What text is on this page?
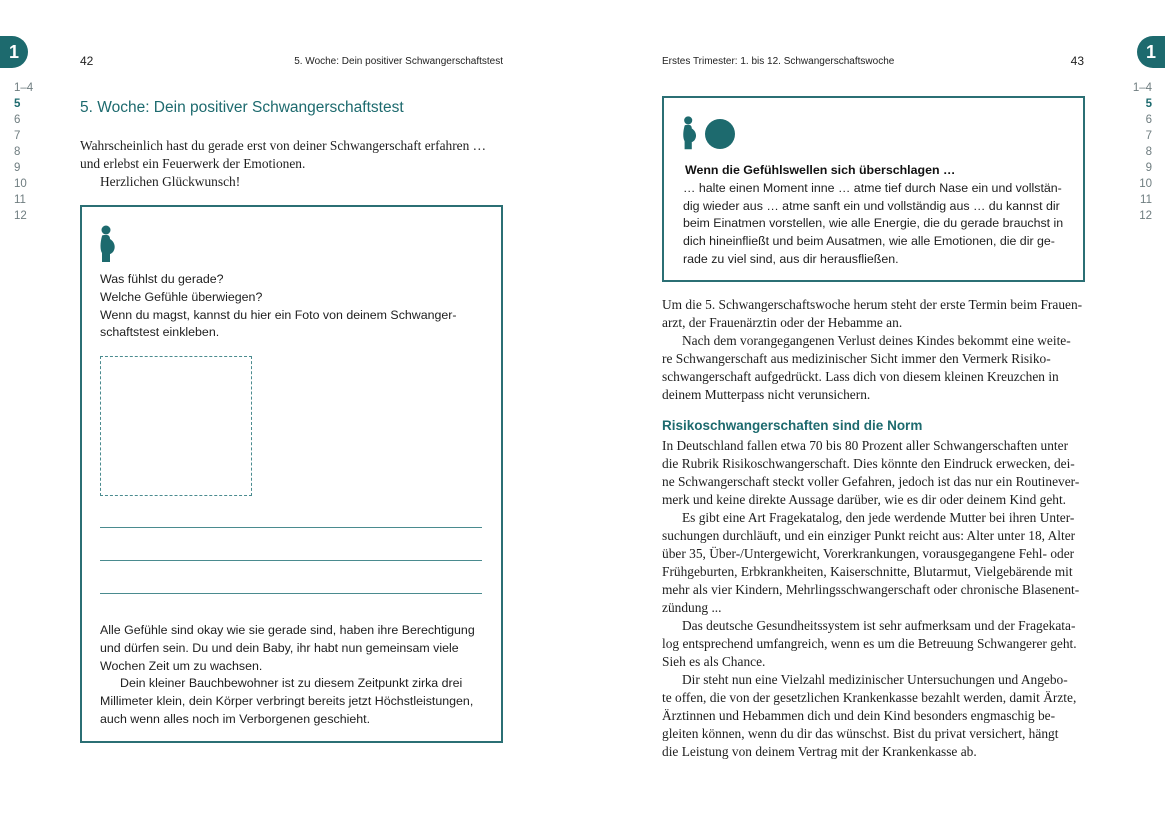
1	1
1–4
5
6
7
8
9
10
11
12
1–4
5
6
7
8
9
10
11
12
42	5. Woche: Dein positiver Schwangerschaftstest
5. Woche: Dein positiver Schwangerschaftstest

Wahrscheinlich hast du gerade erst von deiner Schwangerschaft erfahren …

und erlebst ein Feuerwerk der Emotionen.

Herzlichen Glückwunsch!

Was fühlst du gerade?

Welche Gefühle überwiegen?

Wenn du magst, kannst du hier ein Foto von deinem Schwanger-

schaftstest einkleben.

Alle Gefühle sind okay wie sie gerade sind, haben ihre Berechtigung

und dürfen sein. Du und dein Baby, ihr habt nun gemeinsam viele

Wochen Zeit um zu wachsen.

Dein kleiner Bauchbewohner ist zu diesem Zeitpunkt zirka drei

Millimeter klein, dein Körper verbringt bereits jetzt Höchstleistungen,

auch wenn alles noch im Verborgenen geschieht.

Erstes Trimester: 1. bis 12. Schwangerschaftswoche	43

Wenn die Gefühlswellen sich überschlagen …

… halte einen Moment inne … atme tief durch Nase ein und vollstän-

dig wieder aus … atme sanft ein und vollständig aus … du kannst dir

beim Einatmen vorstellen, wie alle Energie, die du gerade brauchst in

dich hineinfließt und beim Ausatmen, wie alle Emotionen, die dir ge-

rade zu viel sind, aus dir herausfließen.

Um die 5. Schwangerschaftswoche herum steht der erste Termin beim Frauen-

arzt, der Frauenärztin oder der Hebamme an.

Nach dem vorangegangenen Verlust deines Kindes bekommt eine weite-

re Schwangerschaft aus medizinischer Sicht immer den Vermerk Risiko-

schwangerschaft aufgedrückt. Lass dich von diesem kleinen Kreuzchen in

deinem Mutterpass nicht verunsichern.

Risikoschwangerschaften sind die Norm

In Deutschland fallen etwa 70 bis 80 Prozent aller Schwangerschaften unter

die Rubrik Risikoschwangerschaft. Dies könnte den Eindruck erwecken, dei-

ne Schwangerschaft steckt voller Gefahren, jedoch ist das nur ein Routinever-

merk und keine direkte Aussage darüber, wie es dir oder deinem Kind geht.

Es gibt eine Art Fragekatalog, den jede werdende Mutter bei ihren Unter-

suchungen durchläuft, und ein einziger Punkt reicht aus: Alter unter 18, Alter

über 35, Über-/Untergewicht, Vorerkrankungen, vorausgegangene Fehl- oder

Frühgeburten, Erbkrankheiten, Kaiserschnitte, Blutarmut, Vielgebärende mit

mehr als vier Kindern, Mehrlingsschwangerschaft oder chronische Blasenent-

zündung ...

Das deutsche Gesundheitssystem ist sehr aufmerksam und der Fragekata-

log entsprechend umfangreich, wenn es um die Betreuung Schwangerer geht.

Sieh es als Chance.

Dir steht nun eine Vielzahl medizinischer Untersuchungen und Angebo-

te offen, die von der gesetzlichen Krankenkasse bezahlt werden, damit Ärzte,

Ärztinnen und Hebammen dich und dein Kind besonders engmaschig be-

gleiten können, wenn du dir das wünschst. Bist du privat versichert, hängt

die Leistung von deinem Vertrag mit der Krankenkasse ab.
